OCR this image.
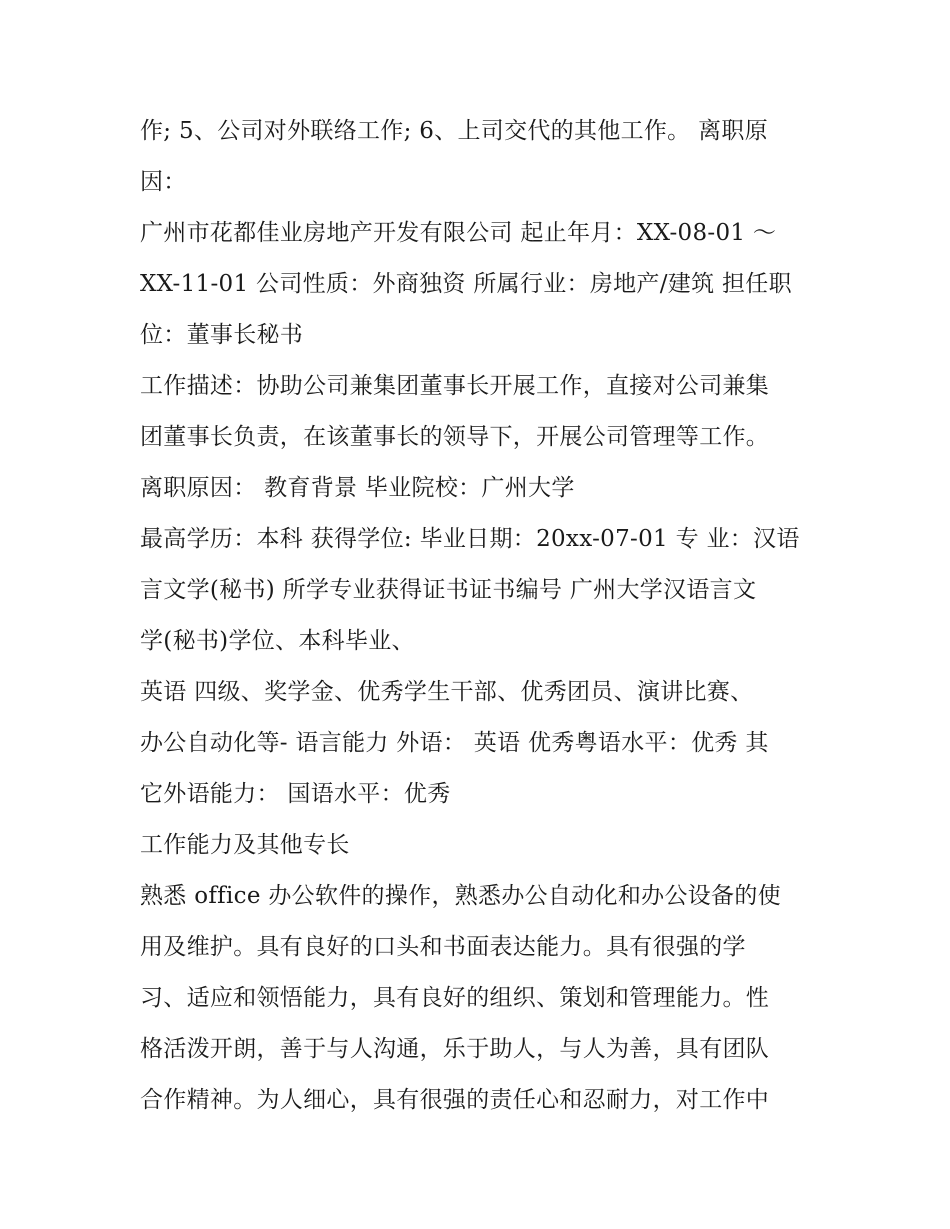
作; 5、公司对外联络工作; 6、上司交代的其他工作。 离职原
因：
广州市花都佳业房地产开发有限公司 起止年月：XX-08-01 ～
XX-11-01 公司性质：外商独资 所属行业：房地产/建筑 担任职
位：董事长秘书
工作描述：协助公司兼集团董事长开展工作，直接对公司兼集
团董事长负责，在该董事长的领导下，开展公司管理等工作。
离职原因： 教育背景 毕业院校：广州大学
最高学历：本科 获得学位: 毕业日期：20xx-07-01 专 业：汉语
言文学(秘书) 所学专业获得证书证书编号 广州大学汉语言文
学(秘书)学位、本科毕业、
英语 四级、奖学金、优秀学生干部、优秀团员、演讲比赛、
办公自动化等- 语言能力 外语： 英语 优秀粤语水平：优秀 其
它外语能力： 国语水平：优秀
工作能力及其他专长
熟悉 office 办公软件的操作，熟悉办公自动化和办公设备的使
用及维护。具有良好的口头和书面表达能力。具有很强的学
习、适应和领悟能力，具有良好的组织、策划和管理能力。性
格活泼开朗，善于与人沟通，乐于助人，与人为善，具有团队
合作精神。为人细心，具有很强的责任心和忍耐力，对工作中
